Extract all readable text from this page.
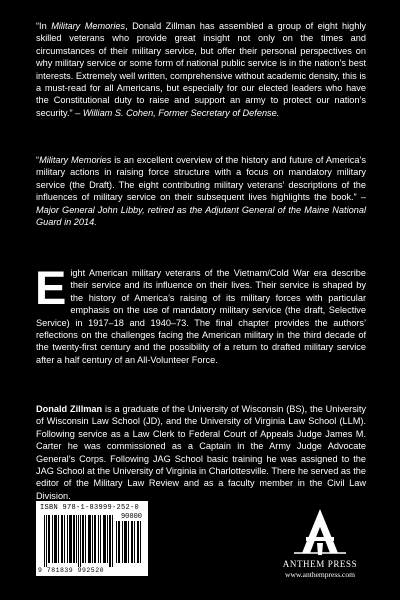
“In Military Memories, Donald Zillman has assembled a group of eight highly skilled veterans who provide great insight not only on the times and circumstances of their military service, but offer their personal perspectives on why military service or some form of national public service is in the nation’s best interests. Extremely well written, comprehensive without academic density, this is a must-read for all Americans, but especially for our elected leaders who have the Constitutional duty to raise and support an army to protect our nation’s security.” – William S. Cohen, Former Secretary of Defense.

“Military Memories is an excellent overview of the history and future of America’s military actions in raising force structure with a focus on mandatory military service (the Draft). The eight contributing military veterans’ descriptions of the influences of military service on their subsequent lives highlights the book.” – Major General John Libby, retired as the Adjutant General of the Maine National Guard in 2014.

Eight American military veterans of the Vietnam/Cold War era describe their service and its influence on their lives. Their service is shaped by the history of America’s raising of its military forces with particular emphasis on the use of mandatory military service (the draft, Selective Service) in 1917–18 and 1940–73. The final chapter provides the authors’ reflections on the challenges facing the American military in the third decade of the twenty-first century and the possibility of a return to drafted military service after a half century of an All-Volunteer Force.

Donald Zillman is a graduate of the University of Wisconsin (BS), the University of Wisconsin Law School (JD), and the University of Virginia Law School (LLM). Following service as a Law Clerk to Federal Court of Appeals Judge James M. Carter he was commissioned as a Captain in the Army Judge Advocate General’s Corps. Following JAG School basic training he was assigned to the JAG School at the University of Virginia in Charlottesville. There he served as the editor of the Military Law Review and as a faculty member in the Civil Law Division.

ISBN 978-1-83999-252-0
90000
9 781839 992520
ANTHEM PRESS
www.anthempress.com
